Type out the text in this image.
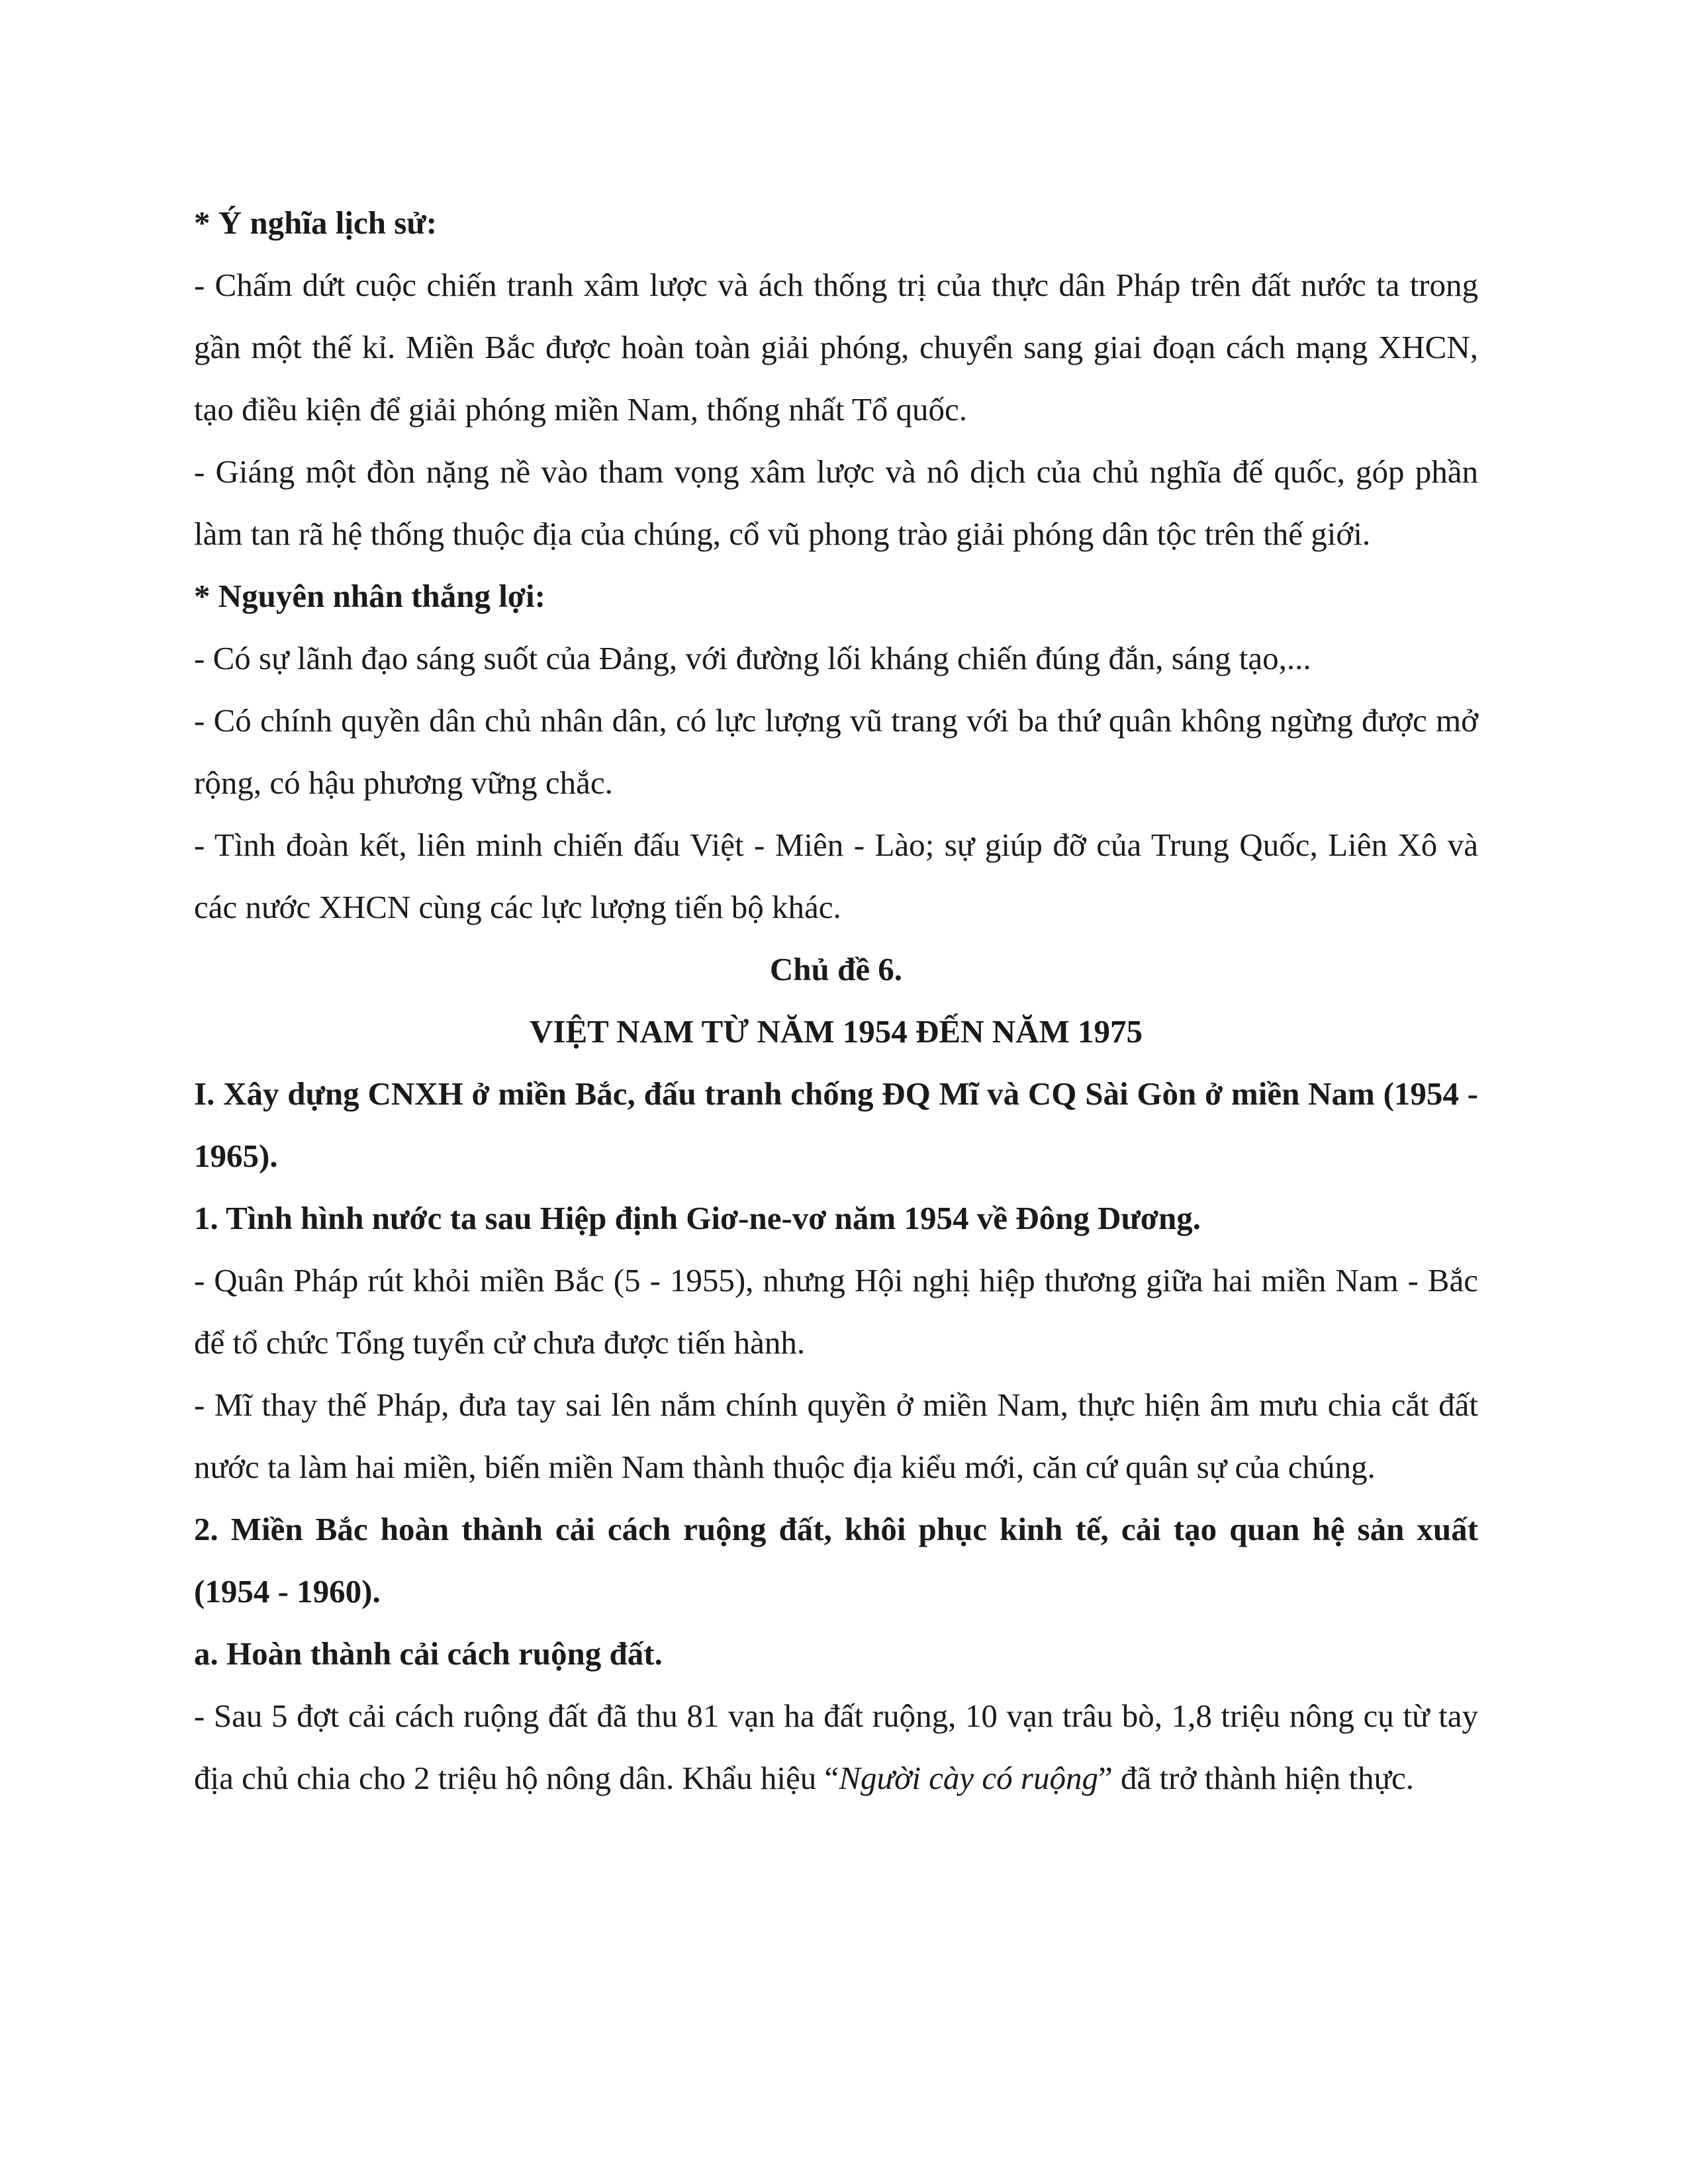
* Ý nghĩa lịch sử:

- Chấm dứt cuộc chiến tranh xâm lược và ách thống trị của thực dân Pháp trên đất nước ta trong gần một thế kỉ. Miền Bắc được hoàn toàn giải phóng, chuyển sang giai đoạn cách mạng XHCN, tạo điều kiện để giải phóng miền Nam, thống nhất Tổ quốc.

- Giáng một đòn nặng nề vào tham vọng xâm lược và nô dịch của chủ nghĩa đế quốc, góp phần làm tan rã hệ thống thuộc địa của chúng, cổ vũ phong trào giải phóng dân tộc trên thế giới.

* Nguyên nhân thắng lợi:

- Có sự lãnh đạo sáng suốt của Đảng, với đường lối kháng chiến đúng đắn, sáng tạo,...

- Có chính quyền dân chủ nhân dân, có lực lượng vũ trang với ba thứ quân không ngừng được mở rộng, có hậu phương vững chắc.

- Tình đoàn kết, liên minh chiến đấu Việt - Miên - Lào; sự giúp đỡ của Trung Quốc, Liên Xô và các nước XHCN cùng các lực lượng tiến bộ khác.

Chủ đề 6.

VIỆT NAM TỪ NĂM 1954 ĐẾN NĂM 1975

I. Xây dựng CNXH ở miền Bắc, đấu tranh chống ĐQ Mĩ và CQ Sài Gòn ở miền Nam (1954 - 1965).

1. Tình hình nước ta sau Hiệp định Giơ-ne-vơ năm 1954 về Đông Dương.

- Quân Pháp rút khỏi miền Bắc (5 - 1955), nhưng Hội nghị hiệp thương giữa hai miền Nam - Bắc để tổ chức Tổng tuyển cử chưa được tiến hành.

- Mĩ thay thế Pháp, đưa tay sai lên nắm chính quyền ở miền Nam, thực hiện âm mưu chia cắt đất nước ta làm hai miền, biến miền Nam thành thuộc địa kiểu mới, căn cứ quân sự của chúng.

2. Miền Bắc hoàn thành cải cách ruộng đất, khôi phục kinh tế, cải tạo quan hệ sản xuất (1954 - 1960).

a. Hoàn thành cải cách ruộng đất.

- Sau 5 đợt cải cách ruộng đất đã thu 81 vạn ha đất ruộng, 10 vạn trâu bò, 1,8 triệu nông cụ từ tay địa chủ chia cho 2 triệu hộ nông dân. Khẩu hiệu “Người cày có ruộng” đã trở thành hiện thực.
